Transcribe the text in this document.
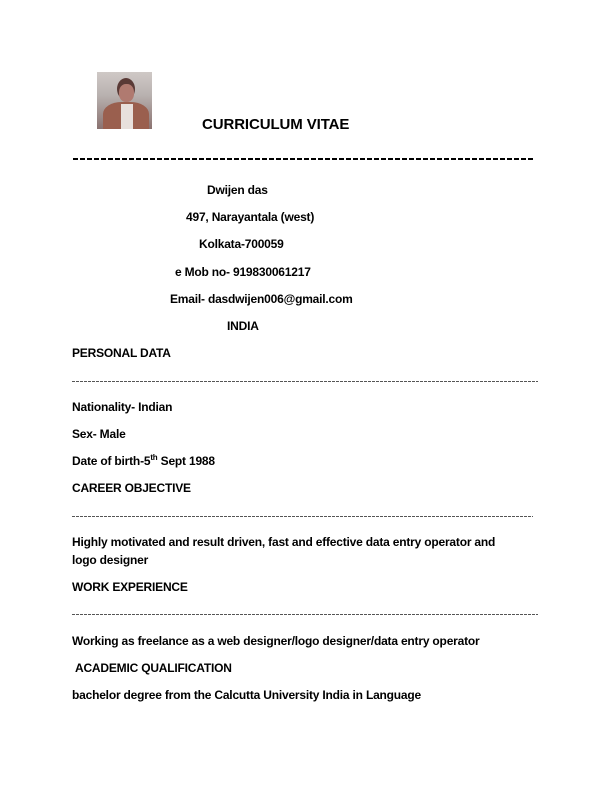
CURRICULUM VITAE
Dwijen das
497, Narayantala (west)
Kolkata-700059
e Mob no- 919830061217
Email- dasdwijen006@gmail.com
INDIA
PERSONAL DATA
Nationality- Indian
Sex- Male
Date of birth-5th Sept 1988
CAREER OBJECTIVE
Highly motivated and result driven, fast and effective data entry operator and
logo designer
WORK EXPERIENCE
Working as freelance as a web designer/logo designer/data entry operator
ACADEMIC QUALIFICATION
bachelor degree from the Calcutta University India in Language
